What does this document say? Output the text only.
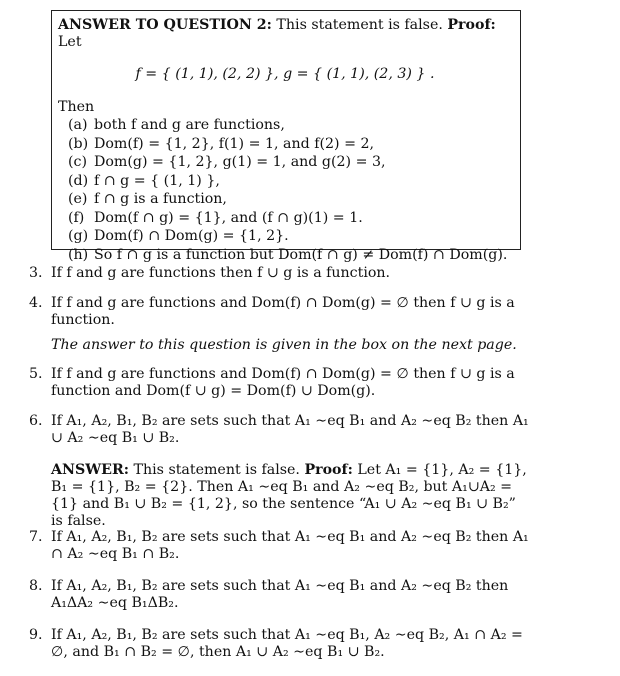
ANSWER TO QUESTION 2: This statement is false. Proof: Let

f = { (1, 1), (2, 2) }, g = { (1, 1), (2, 3) } .

Then

(a) both f and g are functions,
(b) Dom(f) = {1, 2}, f(1) = 1, and f(2) = 2,
(c) Dom(g) = {1, 2}, g(1) = 1, and g(2) = 3,
(d) f ∩ g = { (1, 1) },
(e) f ∩ g is a function,
(f) Dom(f ∩ g) = {1}, and (f ∩ g)(1) = 1.
(g) Dom(f) ∩ Dom(g) = {1, 2}.
(h) So f ∩ g is a function but Dom(f ∩ g) ≠ Dom(f) ∩ Dom(g).
3. If f and g are functions then f ∪ g is a function.
4. If f and g are functions and Dom(f) ∩ Dom(g) = ∅ then f ∪ g is a function.
The answer to this question is given in the box on the next page.
5. If f and g are functions and Dom(f) ∩ Dom(g) = ∅ then f ∪ g is a function and Dom(f ∪ g) = Dom(f) ∪ Dom(g).
6. If A₁, A₂, B₁, B₂ are sets such that A₁ ∼eq B₁ and A₂ ∼eq B₂ then A₁ ∪ A₂ ∼eq B₁ ∪ B₂.
ANSWER: This statement is false. Proof: Let A₁ = {1}, A₂ = {1}, B₁ = {1}, B₂ = {2}. Then A₁ ∼eq B₁ and A₂ ∼eq B₂, but A₁∪A₂ = {1} and B₁ ∪ B₂ = {1, 2}, so the sentence “A₁ ∪ A₂ ∼eq B₁ ∪ B₂” is false.
7. If A₁, A₂, B₁, B₂ are sets such that A₁ ∼eq B₁ and A₂ ∼eq B₂ then A₁ ∩ A₂ ∼eq B₁ ∩ B₂.
8. If A₁, A₂, B₁, B₂ are sets such that A₁ ∼eq B₁ and A₂ ∼eq B₂ then A₁ΔA₂ ∼eq B₁ΔB₂.
9. If A₁, A₂, B₁, B₂ are sets such that A₁ ∼eq B₁, A₂ ∼eq B₂, A₁ ∩ A₂ = ∅, and B₁ ∩ B₂ = ∅, then A₁ ∪ A₂ ∼eq B₁ ∪ B₂.
